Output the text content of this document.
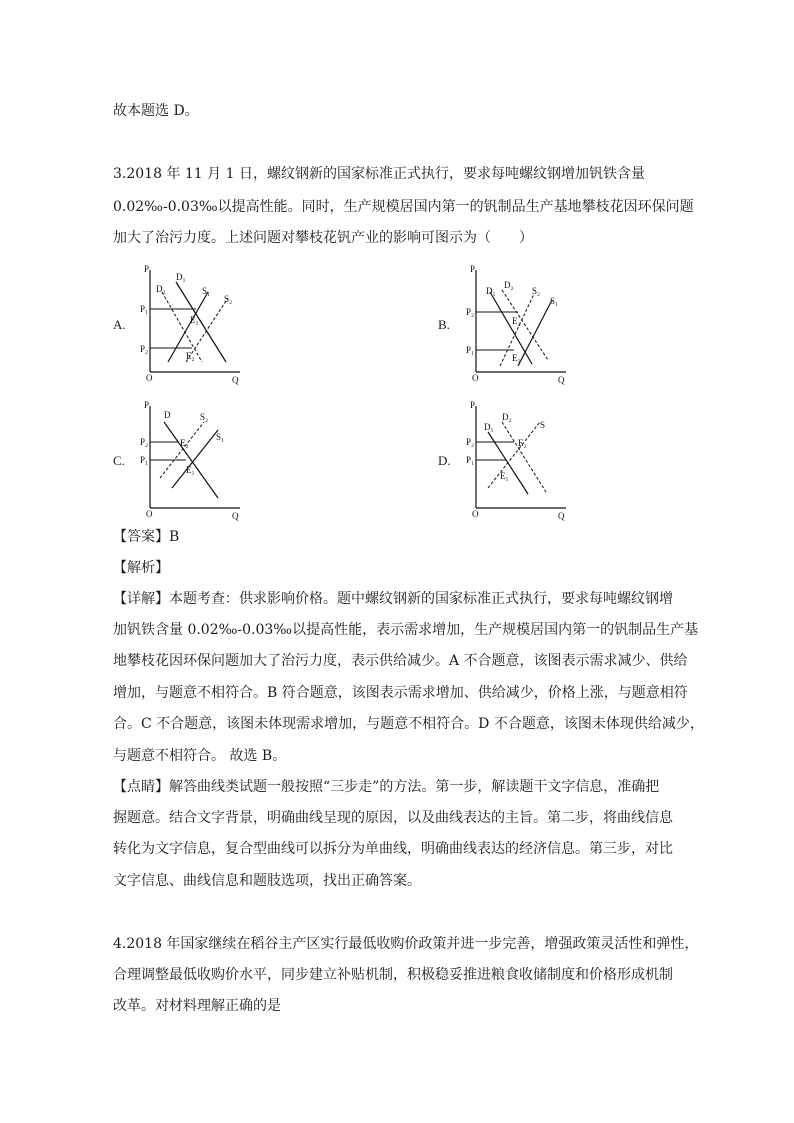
故本题选 D。
3.2018 年 11 月 1 日，螺纹钢新的国家标准正式执行，要求每吨螺纹钢增加钒铁含量
0.02‰-0.03‰以提高性能。同时，生产规模居国内第一的钒制品生产基地攀枝花因环保问题
加大了治污力度。上述问题对攀枝花钒产业的影响可图示为（　　）
A.	B.
C.	D.
P
Q
O
P₁
P₂
D₁
D₂	S₁
S₂
E₁
E₂
P
Q
O
P₂
P₁
D₁
D₂
S₂
S₁
E₂
E₁
P
Q
O
P₂
P₁
D	S₂
S₁
E₂
E₁
P
Q
O
P₂
P₁
D₁
D₂
S
E₂
E₁
【答案】B
【解析】
【详解】本题考查：供求影响价格。题中螺纹钢新的国家标准正式执行，要求每吨螺纹钢增
加钒铁含量 0.02‰-0.03‰以提高性能，表示需求增加，生产规模居国内第一的钒制品生产基
地攀枝花因环保问题加大了治污力度，表示供给减少。A 不合题意，该图表示需求减少、供给
增加，与题意不相符合。B 符合题意，该图表示需求增加、供给减少，价格上涨，与题意相符
合。C 不合题意，该图未体现需求增加，与题意不相符合。D 不合题意，该图未体现供给减少，
与题意不相符合。 故选 B。
【点睛】解答曲线类试题一般按照“三步走”的方法。第一步，解读题干文字信息，准确把
握题意。结合文字背景，明确曲线呈现的原因，以及曲线表达的主旨。第二步，将曲线信息
转化为文字信息，复合型曲线可以拆分为单曲线，明确曲线表达的经济信息。第三步，对比
文字信息、曲线信息和题肢选项，找出正确答案。
4.2018 年国家继续在稻谷主产区实行最低收购价政策并进一步完善，增强政策灵活性和弹性，
合理调整最低收购价水平，同步建立补贴机制，积极稳妥推进粮食收储制度和价格形成机制
改革。对材料理解正确的是
